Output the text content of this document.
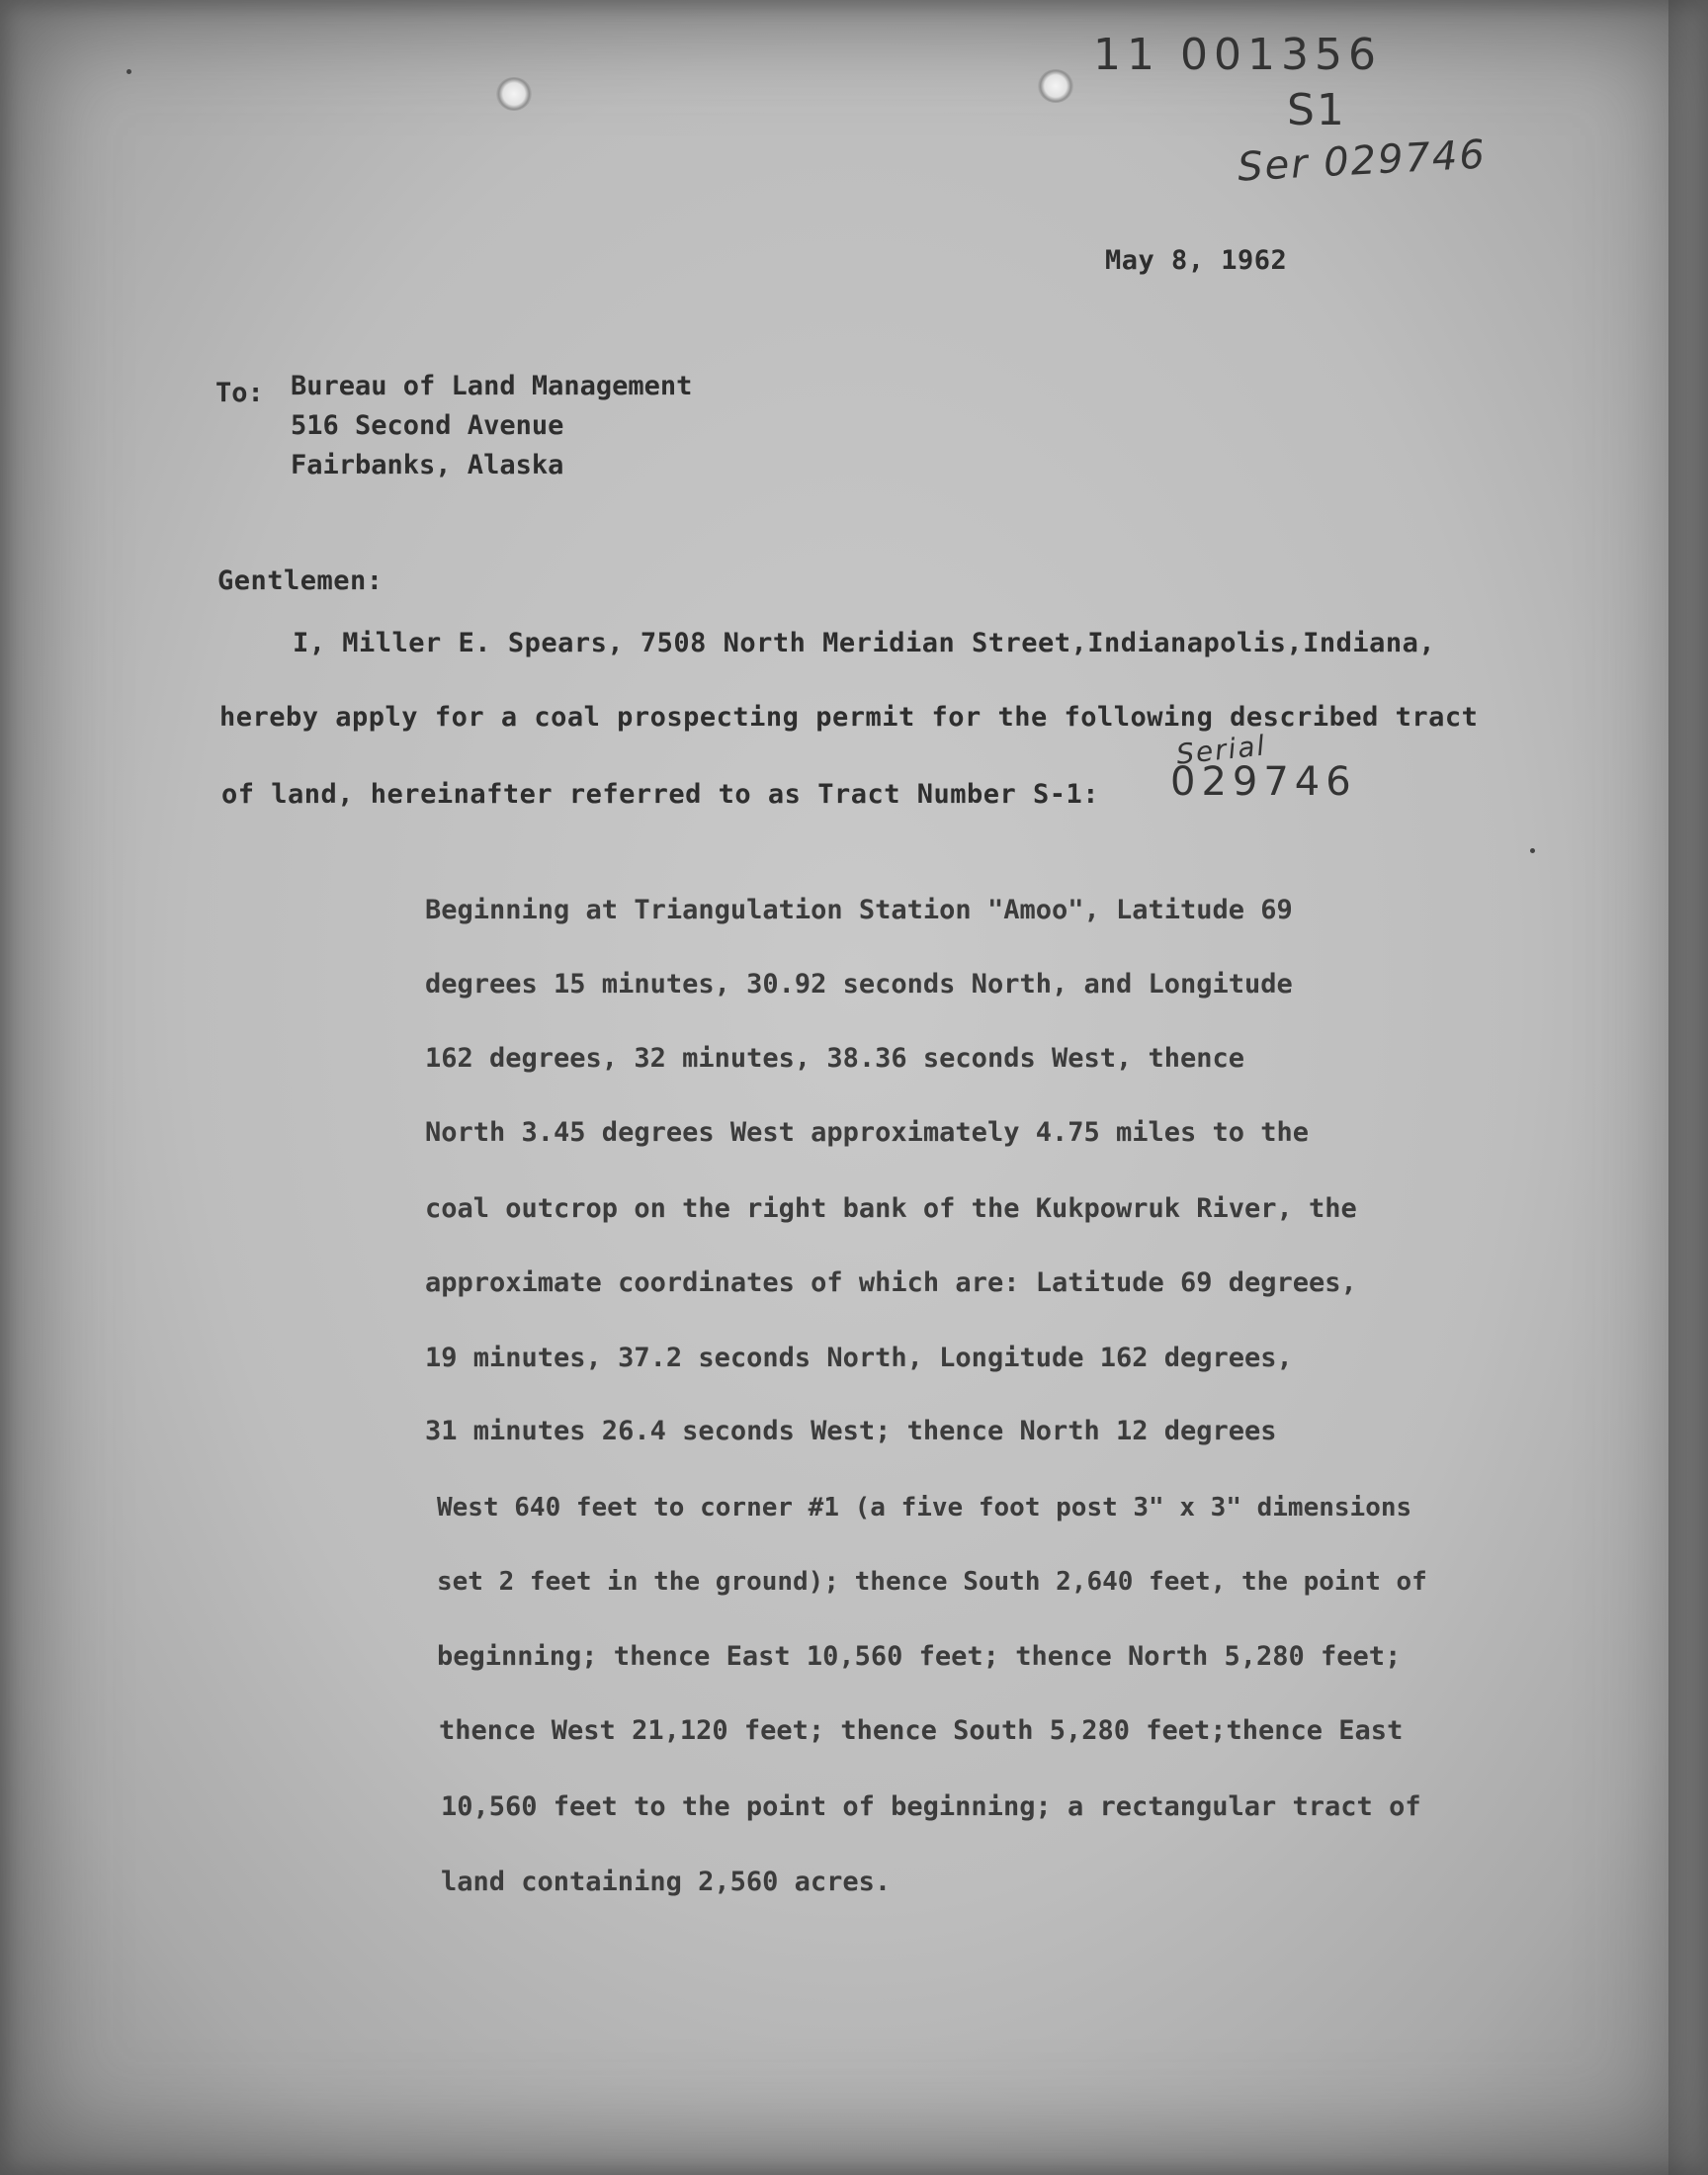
11 001356
S1
Ser 029746
Serial
029746
May 8, 1962
To: Bureau of Land Management
516 Second Avenue
Fairbanks, Alaska
Gentlemen:
I, Miller E. Spears, 7508 North Meridian Street,Indianapolis,Indiana,
hereby apply for a coal prospecting permit for the following described tract
of land, hereinafter referred to as Tract Number S-1:
Beginning at Triangulation Station "Amoo", Latitude 69
degrees 15 minutes, 30.92 seconds North, and Longitude
162 degrees, 32 minutes, 38.36 seconds West, thence
North 3.45 degrees West approximately 4.75 miles to the
coal outcrop on the right bank of the Kukpowruk River, the
approximate coordinates of which are: Latitude 69 degrees,
19 minutes, 37.2 seconds North, Longitude 162 degrees,
31 minutes 26.4 seconds West; thence North 12 degrees
West 640 feet to corner #1 (a five foot post 3" x 3" dimensions
set 2 feet in the ground); thence South 2,640 feet, the point of
beginning; thence East 10,560 feet; thence North 5,280 feet;
thence West 21,120 feet; thence South 5,280 feet;thence East
10,560 feet to the point of beginning; a rectangular tract of
land containing 2,560 acres.
